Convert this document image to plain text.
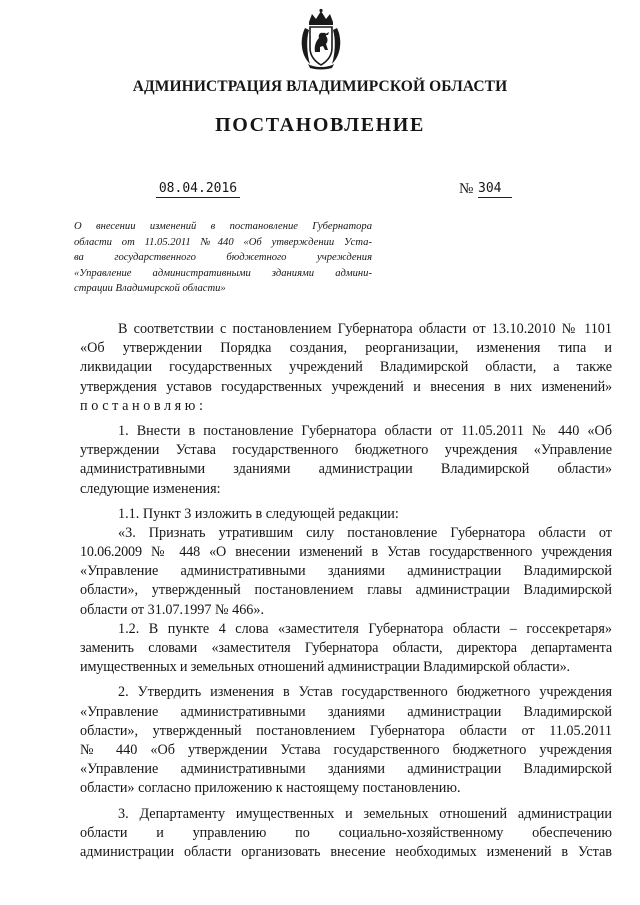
АДМИНИСТРАЦИЯ ВЛАДИМИРСКОЙ ОБЛАСТИ
ПОСТАНОВЛЕНИЕ
08.04.2016	№ 304
О внесении изменений в постановление Губернатора
области от 11.05.2011 №440 «Об утверждении Уста-
ва государственного бюджетного учреждения
«Управление административными зданиями админи-
страции Владимирской области»
В соответствии с постановлением Губернатора области от 13.10.2010 № 1101
«Об утверждении Порядка создания, реорганизации, изменения типа и
ликвидации государственных учреждений Владимирской области, а также
утверждения уставов государственных учреждений и внесения в них изменений»
постановляю:
1. Внести в постановление Губернатора области от 11.05.2011 № 440 «Об
утверждении Устава государственного бюджетного учреждения «Управление
административными зданиями администрации Владимирской области»
следующие изменения:
1.1. Пункт 3 изложить в следующей редакции:
«3. Признать утратившим силу постановление Губернатора области от
10.06.2009 № 448 «О внесении изменений в Устав государственного учреждения
«Управление административными зданиями администрации Владимирской
области», утвержденный постановлением главы администрации Владимирской
области от 31.07.1997 № 466».
1.2. В пункте 4 слова «заместителя Губернатора области – госсекретаря»
заменить словами «заместителя Губернатора области, директора департамента
имущественных и земельных отношений администрации Владимирской области».
2. Утвердить изменения в Устав государственного бюджетного учреждения
«Управление административными зданиями администрации Владимирской
области», утвержденный постановлением Губернатора области от 11.05.2011
№ 440 «Об утверждении Устава государственного бюджетного учреждения
«Управление административными зданиями администрации Владимирской
области» согласно приложению к настоящему постановлению.
3. Департаменту имущественных и земельных отношений администрации
области и управлению по социально-хозяйственному обеспечению
администрации области организовать внесение необходимых изменений в Устав
